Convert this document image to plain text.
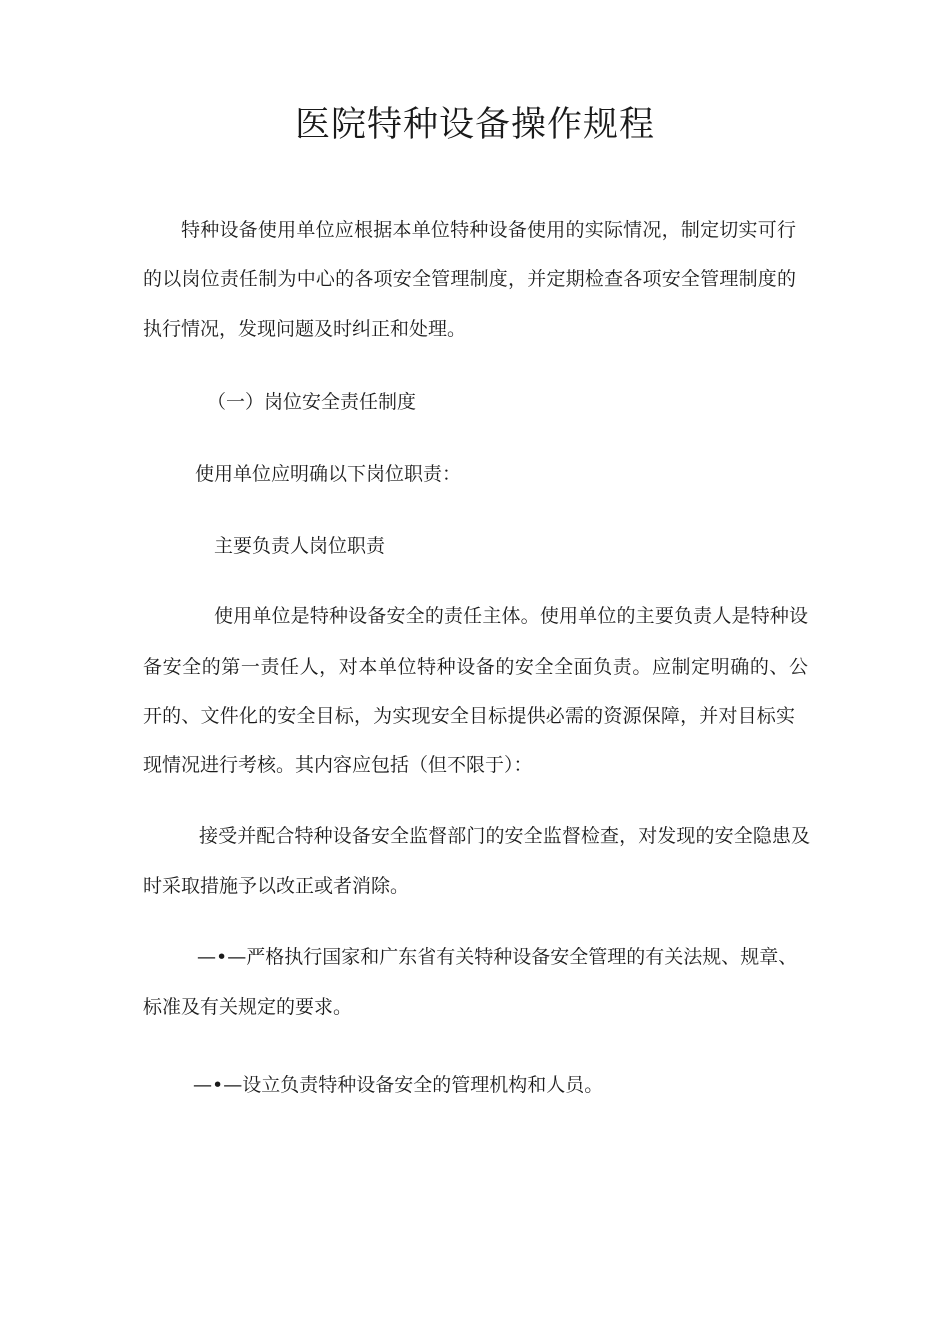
医院特种设备操作规程
特种设备使用单位应根据本单位特种设备使用的实际情况，制定切实可行
的以岗位责任制为中心的各项安全管理制度，并定期检查各项安全管理制度的
执行情况，发现问题及时纠正和处理。
（一）岗位安全责任制度
使用单位应明确以下岗位职责：
主要负责人岗位职责
使用单位是特种设备安全的责任主体。使用单位的主要负责人是特种设
备安全的第一责任人，对本单位特种设备的安全全面负责。应制定明确的、公
开的、文件化的安全目标，为实现安全目标提供必需的资源保障，并对目标实
现情况进行考核。其内容应包括（但不限于）：
接受并配合特种设备安全监督部门的安全监督检查，对发现的安全隐患及
时采取措施予以改正或者消除。
—•—严格执行国家和广东省有关特种设备安全管理的有关法规、规章、
标准及有关规定的要求。
—•—设立负责特种设备安全的管理机构和人员。
